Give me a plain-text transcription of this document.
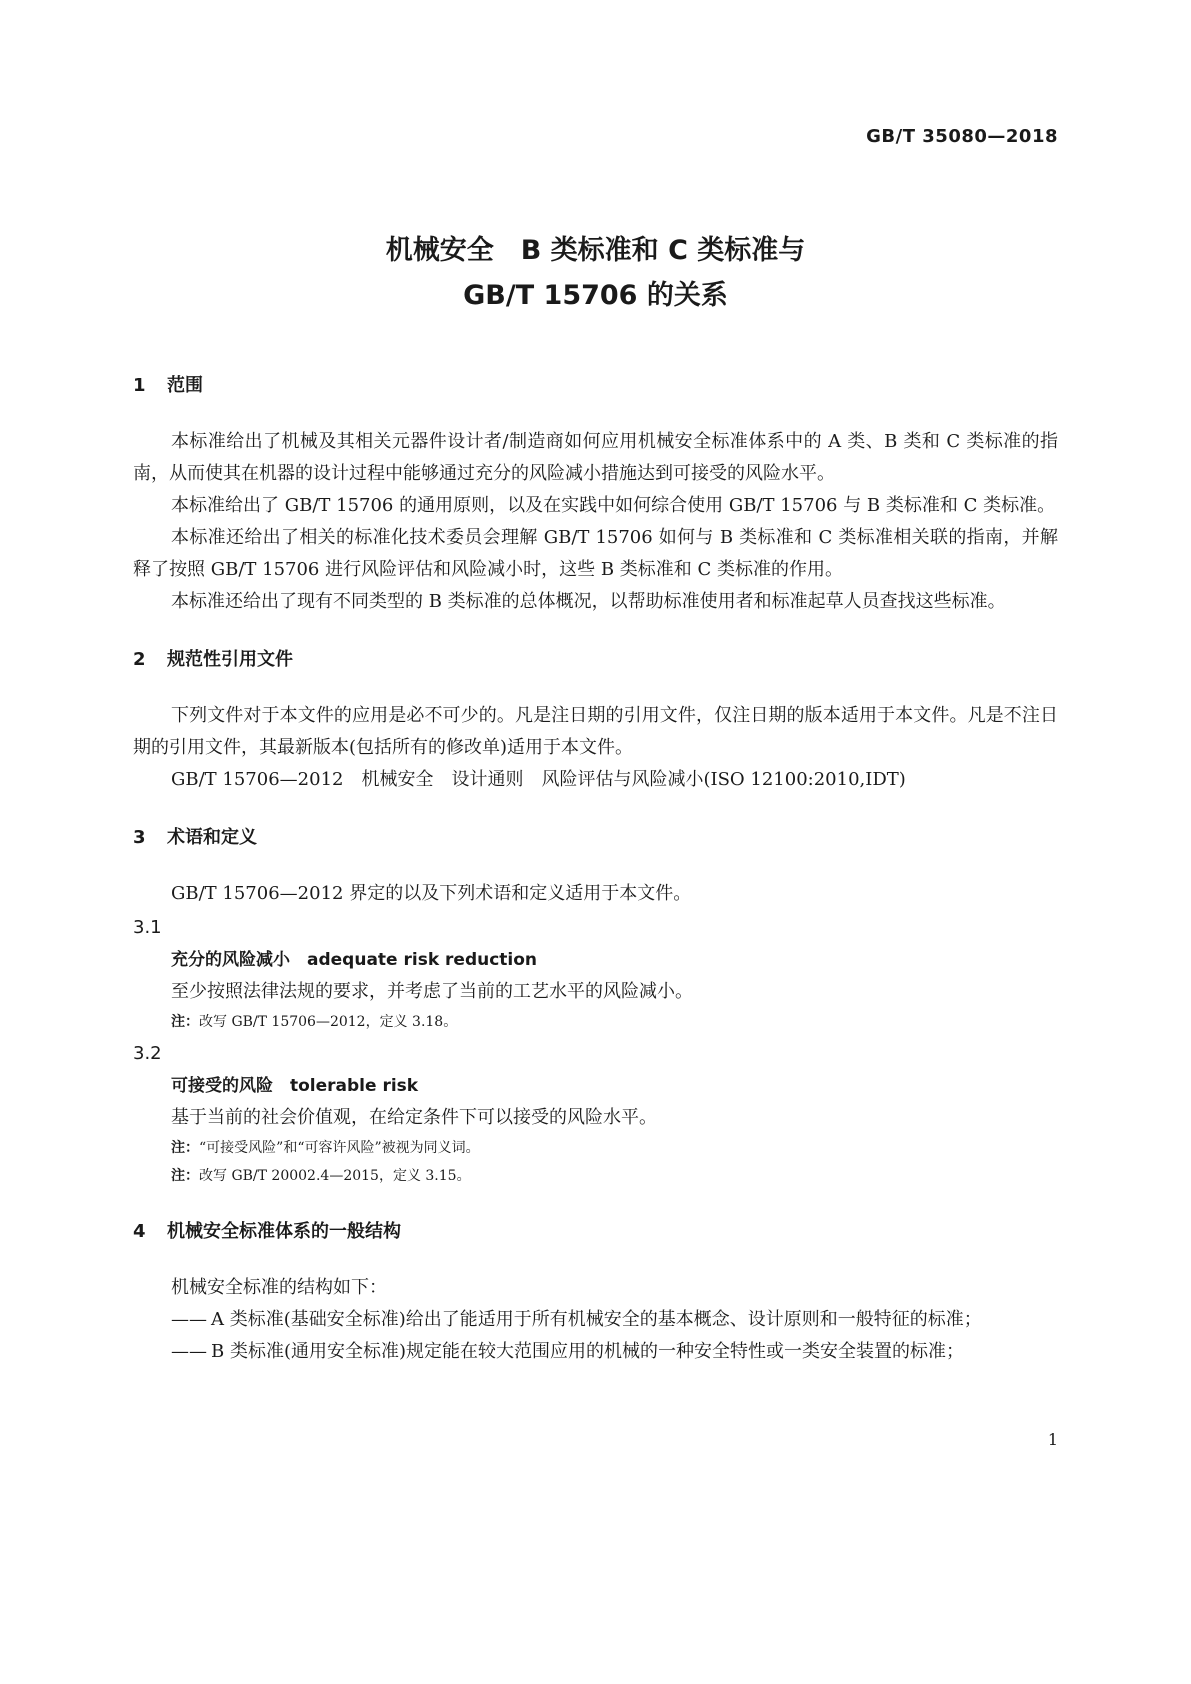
GB/T 35080—2018
机械安全　B 类标准和 C 类标准与
GB/T 15706 的关系
1	范围
本标准给出了机械及其相关元器件设计者/制造商如何应用机械安全标准体系中的 A 类、B 类和 C 类标准的指南，从而使其在机器的设计过程中能够通过充分的风险减小措施达到可接受的风险水平。
本标准给出了 GB/T 15706 的通用原则，以及在实践中如何综合使用 GB/T 15706 与 B 类标准和 C 类标准。
本标准还给出了相关的标准化技术委员会理解 GB/T 15706 如何与 B 类标准和 C 类标准相关联的指南，并解释了按照 GB/T 15706 进行风险评估和风险减小时，这些 B 类标准和 C 类标准的作用。
本标准还给出了现有不同类型的 B 类标准的总体概况，以帮助标准使用者和标准起草人员查找这些标准。
2	规范性引用文件
下列文件对于本文件的应用是必不可少的。凡是注日期的引用文件，仅注日期的版本适用于本文件。凡是不注日期的引用文件，其最新版本(包括所有的修改单)适用于本文件。
GB/T 15706—2012　机械安全　设计通则　风险评估与风险减小(ISO 12100:2010,IDT)
3	术语和定义
GB/T 15706—2012 界定的以及下列术语和定义适用于本文件。
3.1
充分的风险减小　adequate risk reduction
至少按照法律法规的要求，并考虑了当前的工艺水平的风险减小。
注：改写 GB/T 15706—2012，定义 3.18。
3.2
可接受的风险　tolerable risk
基于当前的社会价值观，在给定条件下可以接受的风险水平。
注：“可接受风险”和“可容许风险”被视为同义词。
注：改写 GB/T 20002.4—2015，定义 3.15。
4	机械安全标准体系的一般结构
机械安全标准的结构如下：
—— A 类标准(基础安全标准)给出了能适用于所有机械安全的基本概念、设计原则和一般特征的标准；
—— B 类标准(通用安全标准)规定能在较大范围应用的机械的一种安全特性或一类安全装置的标准；
1
